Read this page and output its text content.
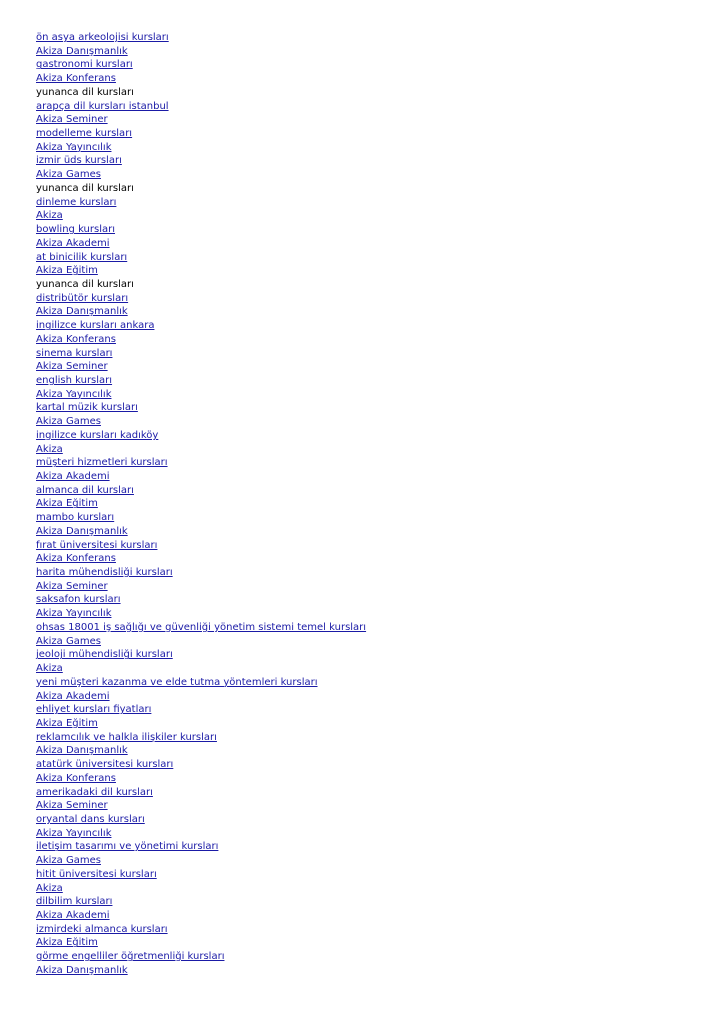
ön asya arkeolojisi kursları
Akiza Danışmanlık
gastronomi kursları
Akiza Konferans
yunanca dil kursları
arapça dil kursları istanbul
Akiza Seminer
modelleme kursları
Akiza Yayıncılık
izmir üds kursları
Akiza Games
yunanca dil kursları
dinleme kursları
Akiza
bowling kursları
Akiza Akademi
at binicilik kursları
Akiza Eğitim
yunanca dil kursları
distribütör kursları
Akiza Danışmanlık
ingilizce kursları ankara
Akiza Konferans
sinema kursları
Akiza Seminer
english kursları
Akiza Yayıncılık
kartal müzik kursları
Akiza Games
ingilizce kursları kadıköy
Akiza
müşteri hizmetleri kursları
Akiza Akademi
almanca dil kursları
Akiza Eğitim
mambo kursları
Akiza Danışmanlık
fırat üniversitesi kursları
Akiza Konferans
harita mühendisliği kursları
Akiza Seminer
saksafon kursları
Akiza Yayıncılık
ohsas 18001 iş sağlığı ve güvenliği yönetim sistemi temel kursları
Akiza Games
jeoloji mühendisliği kursları
Akiza
yeni müşteri kazanma ve elde tutma yöntemleri kursları
Akiza Akademi
ehliyet kursları fiyatları
Akiza Eğitim
reklamcılık ve halkla ilişkiler kursları
Akiza Danışmanlık
atatürk üniversitesi kursları
Akiza Konferans
amerikadaki dil kursları
Akiza Seminer
oryantal dans kursları
Akiza Yayıncılık
iletişim tasarımı ve yönetimi kursları
Akiza Games
hitit üniversitesi kursları
Akiza
dilbilim kursları
Akiza Akademi
izmirdeki almanca kursları
Akiza Eğitim
görme engelliler öğretmenliği kursları
Akiza Danışmanlık
